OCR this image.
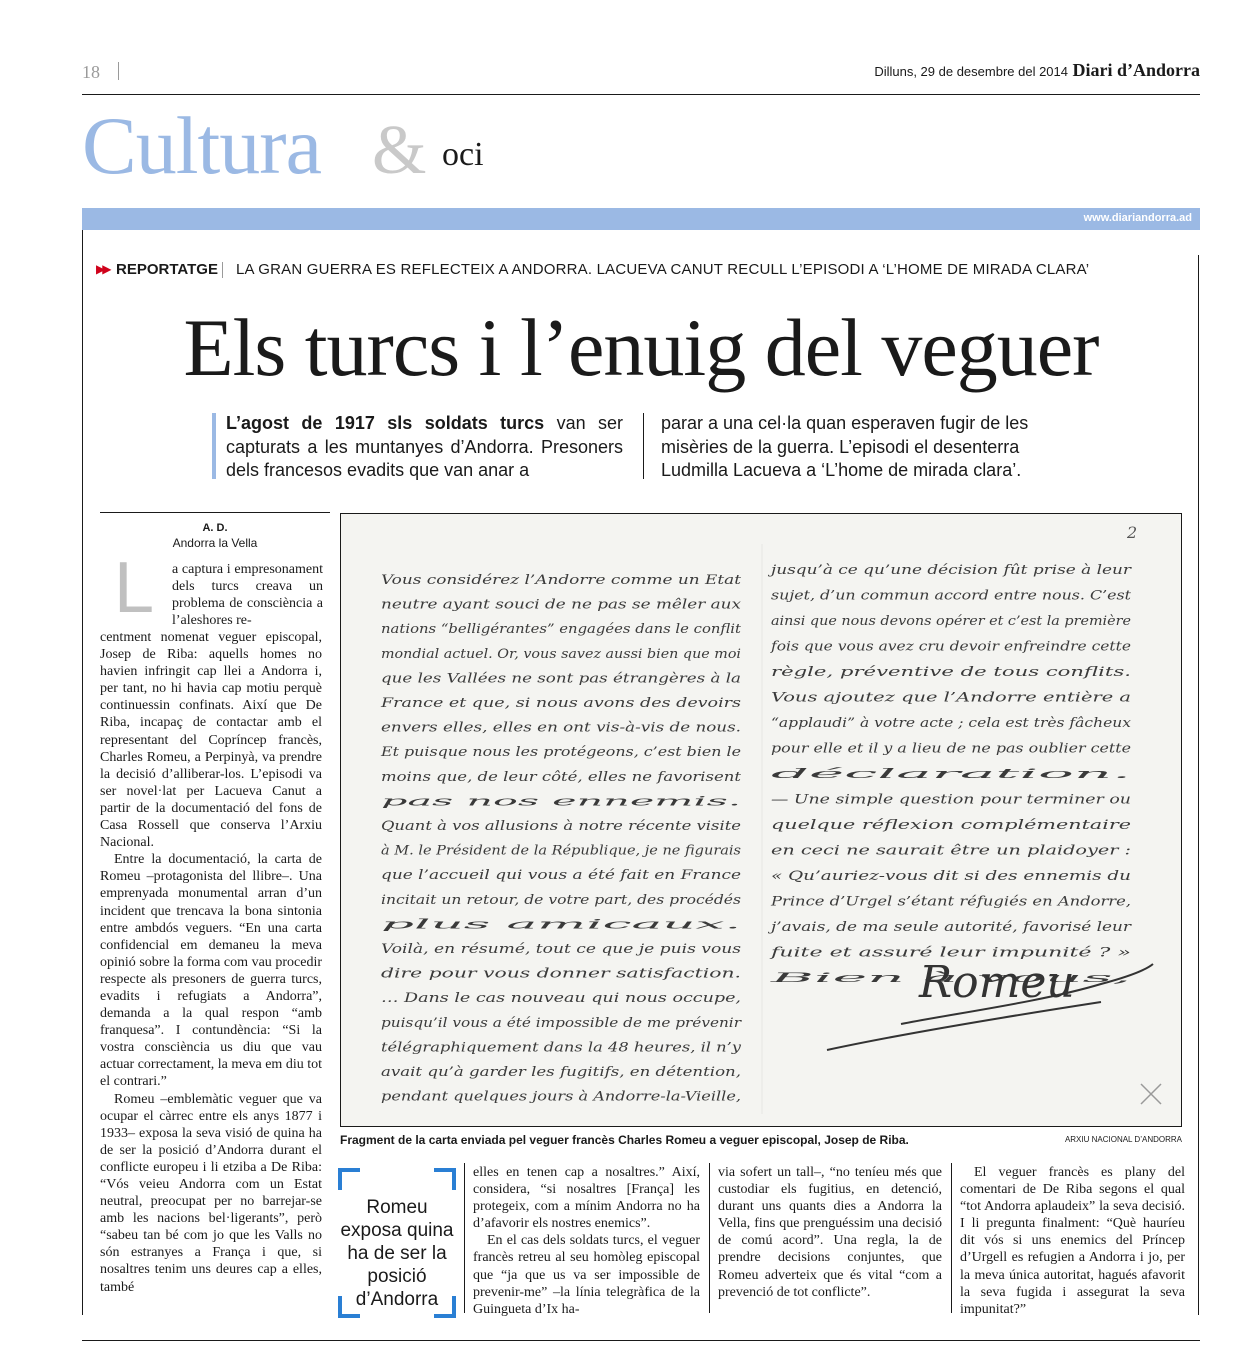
18	Dilluns, 29 de desembre del 2014 Diari d’Andorra
Cultura & oci
www.diariandorra.ad
▶▶ REPORTATGE LA GRAN GUERRA ES REFLECTEIX A ANDORRA. LACUEVA CANUT RECULL L’EPISODI A ‘L’HOME DE MIRADA CLARA’
Els turcs i l’enuig del veguer
L’agost de 1917 sls soldats turcs van ser capturats a les muntanyes d’Andorra. Presoners dels francesos evadits que van anar a
parar a una cel·la quan esperaven fugir de les misèries de la guerra. L’episodi el desenterra Ludmilla Lacueva a ‘L’home de mirada clara’.
A. D.
Andorra la Vella
L a captura i empresonament dels turcs creava un problema de consciència a l’aleshores re-

centment nomenat veguer episcopal, Josep de Riba: aquells homes no havien infringit cap llei a Andorra i, per tant, no hi havia cap motiu perquè continuessin confinats. Així que De Riba, incapaç de contactar amb el representant del Copríncep francès, Charles Romeu, a Perpinyà, va prendre la decisió d’alliberar-los. L’episodi va ser novel·lat per Lacueva Canut a partir de la documentació del fons de Casa Rossell que conserva l’Arxiu Nacional.

Entre la documentació, la carta de Romeu –protagonista del llibre–. Una emprenyada monumental arran d’un incident que trencava la bona sintonia entre ambdós veguers. “En una carta confidencial em demaneu la meva opinió sobre la forma com vau procedir respecte als presoners de guerra turcs, evadits i refugiats a Andorra”, demanda a la qual respon “amb franquesa”. I contundència: “Si la vostra consciència us diu que vau actuar correctament, la meva em diu tot el contrari.”

Romeu –emblemàtic veguer que va ocupar el càrrec entre els anys 1877 i 1933– exposa la seva visió de quina ha de ser la posició d’Andorra durant el conflicte europeu i li etziba a De Riba: “Vós veieu Andorra com un Estat neutral, preocupat per no barrejar-se amb les nacions bel·ligerants”, però “sabeu tan bé com jo que les Valls no són estranyes a França i que, si nosaltres tenim uns deures cap a elles, també

2
Vous considérez l’Andorre comme un Etat
neutre ayant souci de ne pas se mêler aux
nations “belligérantes” engagées dans le conflit
mondial actuel. Or, vous savez aussi bien que moi
que les Vallées ne sont pas étrangères à la
France et que, si nous avons des devoirs
envers elles, elles en ont vis-à-vis de nous.
Et puisque nous les protégeons, c’est bien le
moins que, de leur côté, elles ne favorisent
pas nos ennemis.
Quant à vos allusions à notre récente visite
à M. le Président de la République, je ne figurais
que l’accueil qui vous a été fait en France
incitait un retour, de votre part, des procédés
plus amicaux.
Voilà, en résumé, tout ce que je puis vous
dire pour vous donner satisfaction.
… Dans le cas nouveau qui nous occupe,
puisqu’il vous a été impossible de me prévenir
télégraphiquement dans la 48 heures, il n’y
avait qu’à garder les fugitifs, en détention,
pendant quelques jours à Andorre-la-Vieille,
jusqu’à ce qu’une décision fût prise à leur
sujet, d’un commun accord entre nous. C’est
ainsi que nous devons opérer et c’est la première
fois que vous avez cru devoir enfreindre cette
règle, préventive de tous conflits.
Vous ajoutez que l’Andorre entière a
“applaudi” à votre acte ; cela est très fâcheux
pour elle et il y a lieu de ne pas oublier cette
déclaration.
— Une simple question pour terminer ou
quelque réflexion complémentaire
en ceci ne saurait être un plaidoyer :
« Qu’auriez-vous dit si des ennemis du
Prince d’Urgel s’étant réfugiés en Andorre,
j’avais, de ma seule autorité, favorisé leur
fuite et assuré leur impunité ? »
Bien à vous,
Romeu
Fragment de la carta enviada pel veguer francès Charles Romeu a veguer episcopal, Josep de Riba.	ARXIU NACIONAL D’ANDORRA
Romeu exposa quina ha de ser la posició d’Andorra

elles en tenen cap a nosaltres.” Així, considera, “si nosaltres [França] les protegeix, com a mínim Andorra no ha d’afavorir els nostres enemics”.

En el cas dels soldats turcs, el veguer francès retreu al seu homòleg episcopal que “ja que us va ser impossible de prevenir-me” –la línia telegràfica de la Guingueta d’Ix ha-

via sofert un tall–, “no teníeu més que custodiar els fugitius, en detenció, durant uns quants dies a Andorra la Vella, fins que prenguéssim una decisió de comú acord”. Una regla, la de prendre decisions conjuntes, que Romeu adverteix que és vital “com a prevenció de tot conflicte”.

El veguer francès es plany del comentari de De Riba segons el qual “tot Andorra aplaudeix” la seva decisió. I li pregunta finalment: “Què hauríeu dit vós si uns enemics del Príncep d’Urgell es refugien a Andorra i jo, per la meva única autoritat, hagués afavorit la seva fugida i assegurat la seva impunitat?”
